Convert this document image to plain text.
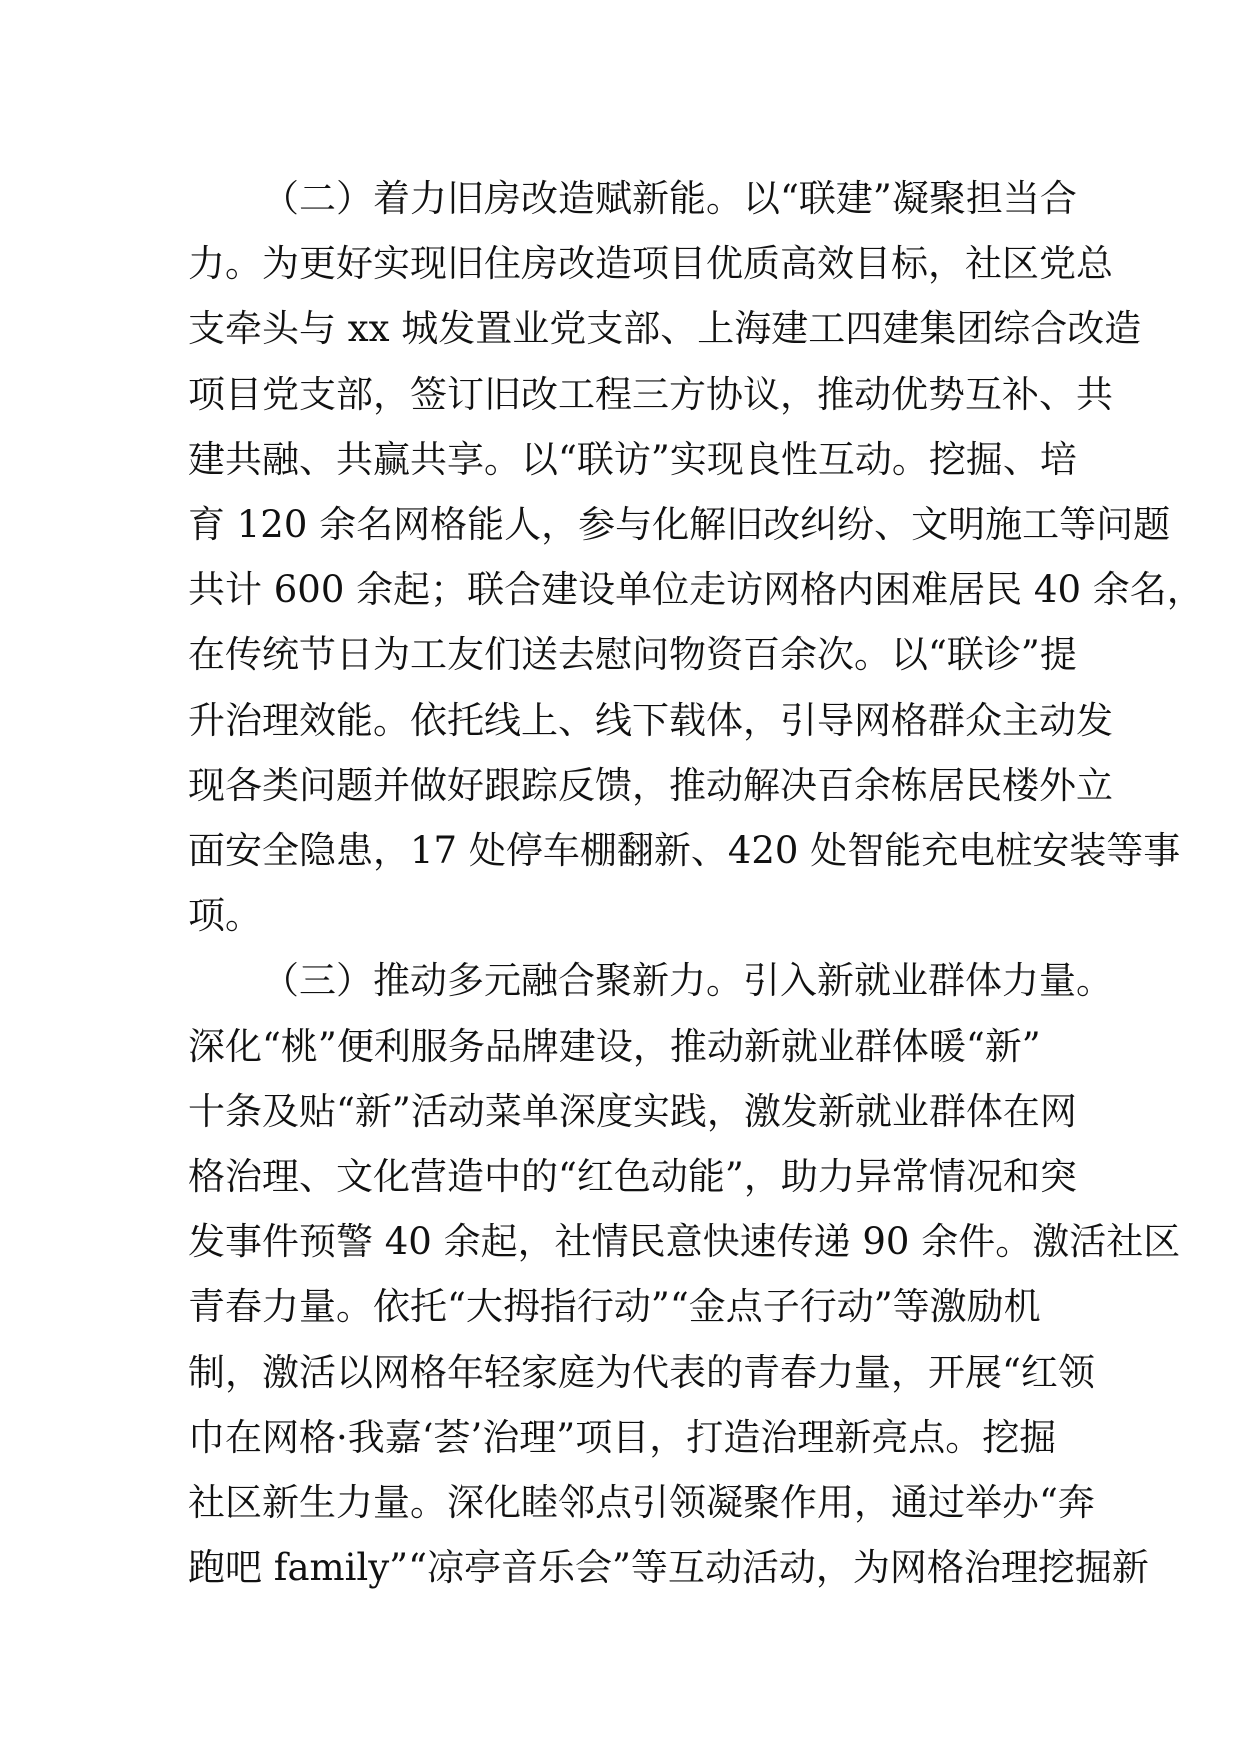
（二）着力旧房改造赋新能。以“联建”凝聚担当合
力。为更好实现旧住房改造项目优质高效目标，社区党总
支牵头与 xx 城发置业党支部、上海建工四建集团综合改造
项目党支部，签订旧改工程三方协议，推动优势互补、共
建共融、共赢共享。以“联访”实现良性互动。挖掘、培
育 120 余名网格能人，参与化解旧改纠纷、文明施工等问题
共计 600 余起；联合建设单位走访网格内困难居民 40 余名，
在传统节日为工友们送去慰问物资百余次。以“联诊”提
升治理效能。依托线上、线下载体，引导网格群众主动发
现各类问题并做好跟踪反馈，推动解决百余栋居民楼外立
面安全隐患，17 处停车棚翻新、420 处智能充电桩安装等事
项。
（三）推动多元融合聚新力。引入新就业群体力量。
深化“桃”便利服务品牌建设，推动新就业群体暖“新”
十条及贴“新”活动菜单深度实践，激发新就业群体在网
格治理、文化营造中的“红色动能”，助力异常情况和突
发事件预警 40 余起，社情民意快速传递 90 余件。激活社区
青春力量。依托“大拇指行动”“金点子行动”等激励机
制，激活以网格年轻家庭为代表的青春力量，开展“红领
巾在网格·我嘉‘荟’治理”项目，打造治理新亮点。挖掘
社区新生力量。深化睦邻点引领凝聚作用，通过举办“奔
跑吧 family”“凉亭音乐会”等互动活动，为网格治理挖掘新
